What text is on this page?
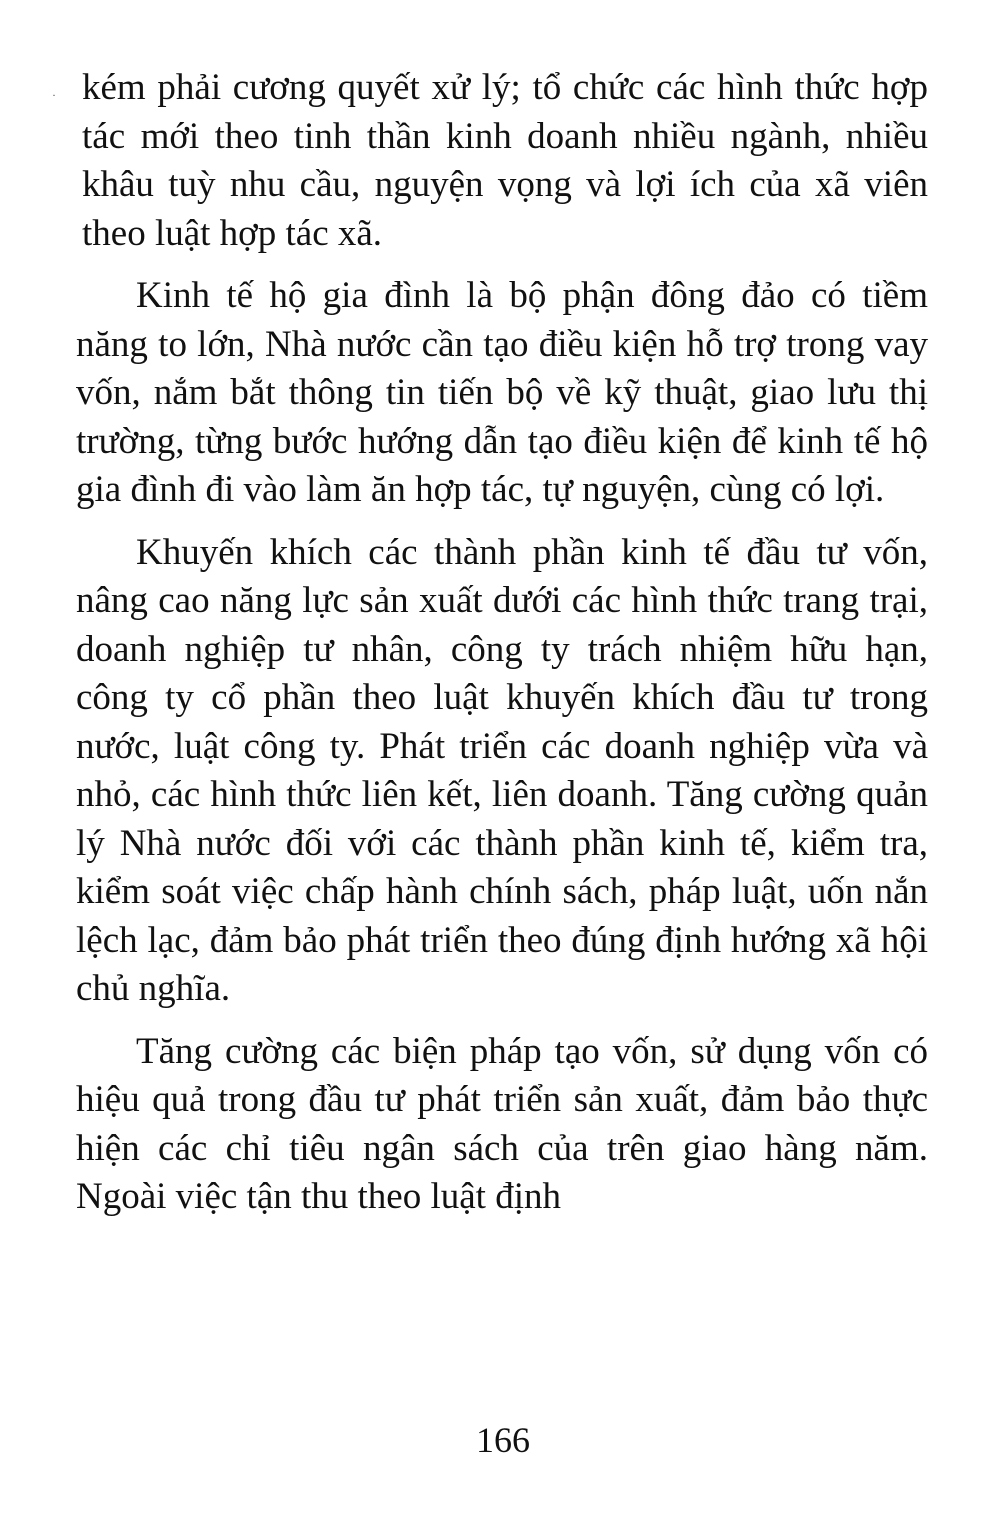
· kém phải cương quyết xử lý; tổ chức các hình thức hợp tác mới theo tinh thần kinh doanh nhiều ngành, nhiều khâu tuỳ nhu cầu, nguyện vọng và lợi ích của xã viên theo luật hợp tác xã.

Kinh tế hộ gia đình là bộ phận đông đảo có tiềm năng to lớn, Nhà nước cần tạo điều kiện hỗ trợ trong vay vốn, nắm bắt thông tin tiến bộ về kỹ thuật, giao lưu thị trường, từng bước hướng dẫn tạo điều kiện để kinh tế hộ gia đình đi vào làm ăn hợp tác, tự nguyện, cùng có lợi.

Khuyến khích các thành phần kinh tế đầu tư vốn, nâng cao năng lực sản xuất dưới các hình thức trang trại, doanh nghiệp tư nhân, công ty trách nhiệm hữu hạn, công ty cổ phần theo luật khuyến khích đầu tư trong nước, luật công ty. Phát triển các doanh nghiệp vừa và nhỏ, các hình thức liên kết, liên doanh. Tăng cường quản lý Nhà nước đối với các thành phần kinh tế, kiểm tra, kiểm soát việc chấp hành chính sách, pháp luật, uốn nắn lệch lạc, đảm bảo phát triển theo đúng định hướng xã hội chủ nghĩa.

Tăng cường các biện pháp tạo vốn, sử dụng vốn có hiệu quả trong đầu tư phát triển sản xuất, đảm bảo thực hiện các chỉ tiêu ngân sách của trên giao hàng năm. Ngoài việc tận thu theo luật định

166
